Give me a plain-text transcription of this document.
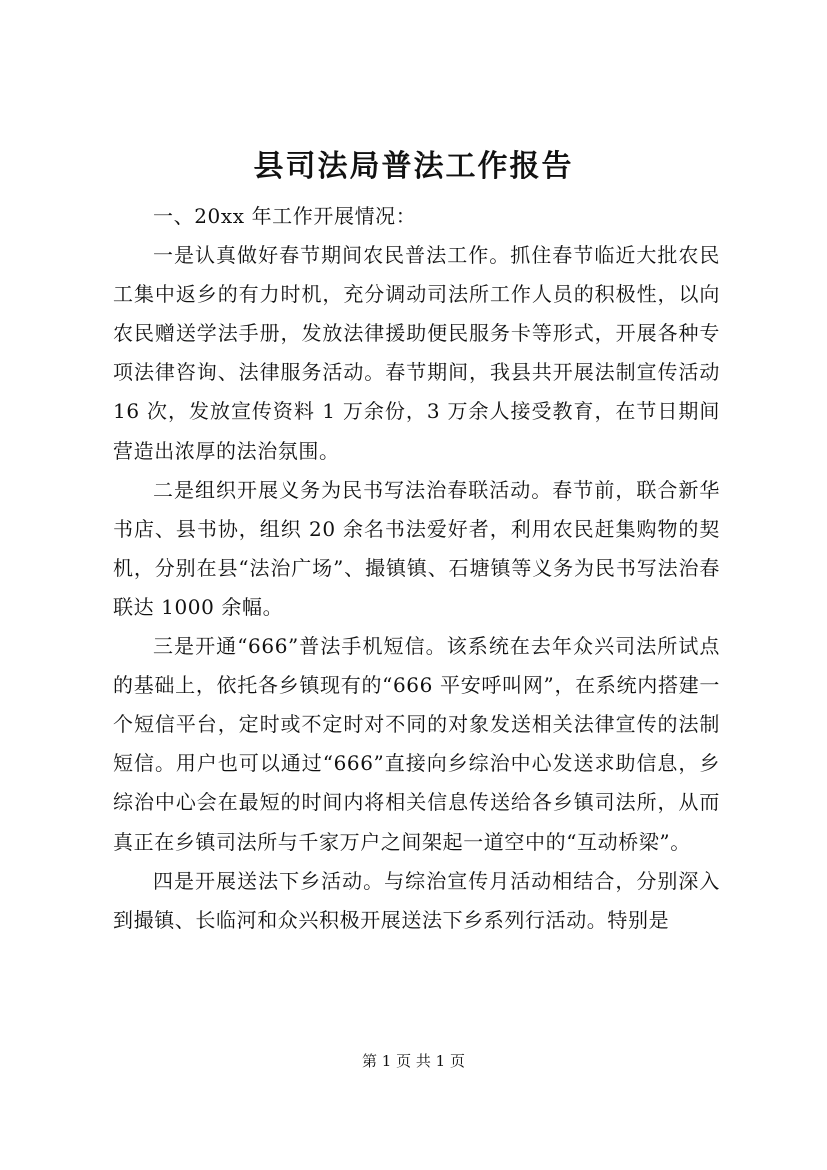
县司法局普法工作报告

一、20xx 年工作开展情况：

一是认真做好春节期间农民普法工作。抓住春节临近大批农民工集中返乡的有力时机，充分调动司法所工作人员的积极性，以向农民赠送学法手册，发放法律援助便民服务卡等形式，开展各种专项法律咨询、法律服务活动。春节期间，我县共开展法制宣传活动 16 次，发放宣传资料 1 万余份，3 万余人接受教育，在节日期间营造出浓厚的法治氛围。

二是组织开展义务为民书写法治春联活动。春节前，联合新华书店、县书协，组织 20 余名书法爱好者，利用农民赶集购物的契机，分别在县“法治广场”、撮镇镇、石塘镇等义务为民书写法治春联达 1000 余幅。

三是开通“666”普法手机短信。该系统在去年众兴司法所试点的基础上，依托各乡镇现有的“666 平安呼叫网”，在系统内搭建一个短信平台，定时或不定时对不同的对象发送相关法律宣传的法制短信。用户也可以通过“666”直接向乡综治中心发送求助信息，乡综治中心会在最短的时间内将相关信息传送给各乡镇司法所，从而真正在乡镇司法所与千家万户之间架起一道空中的“互动桥梁”。

四是开展送法下乡活动。与综治宣传月活动相结合，分别深入到撮镇、长临河和众兴积极开展送法下乡系列行活动。特别是

第 1 页 共 1 页
